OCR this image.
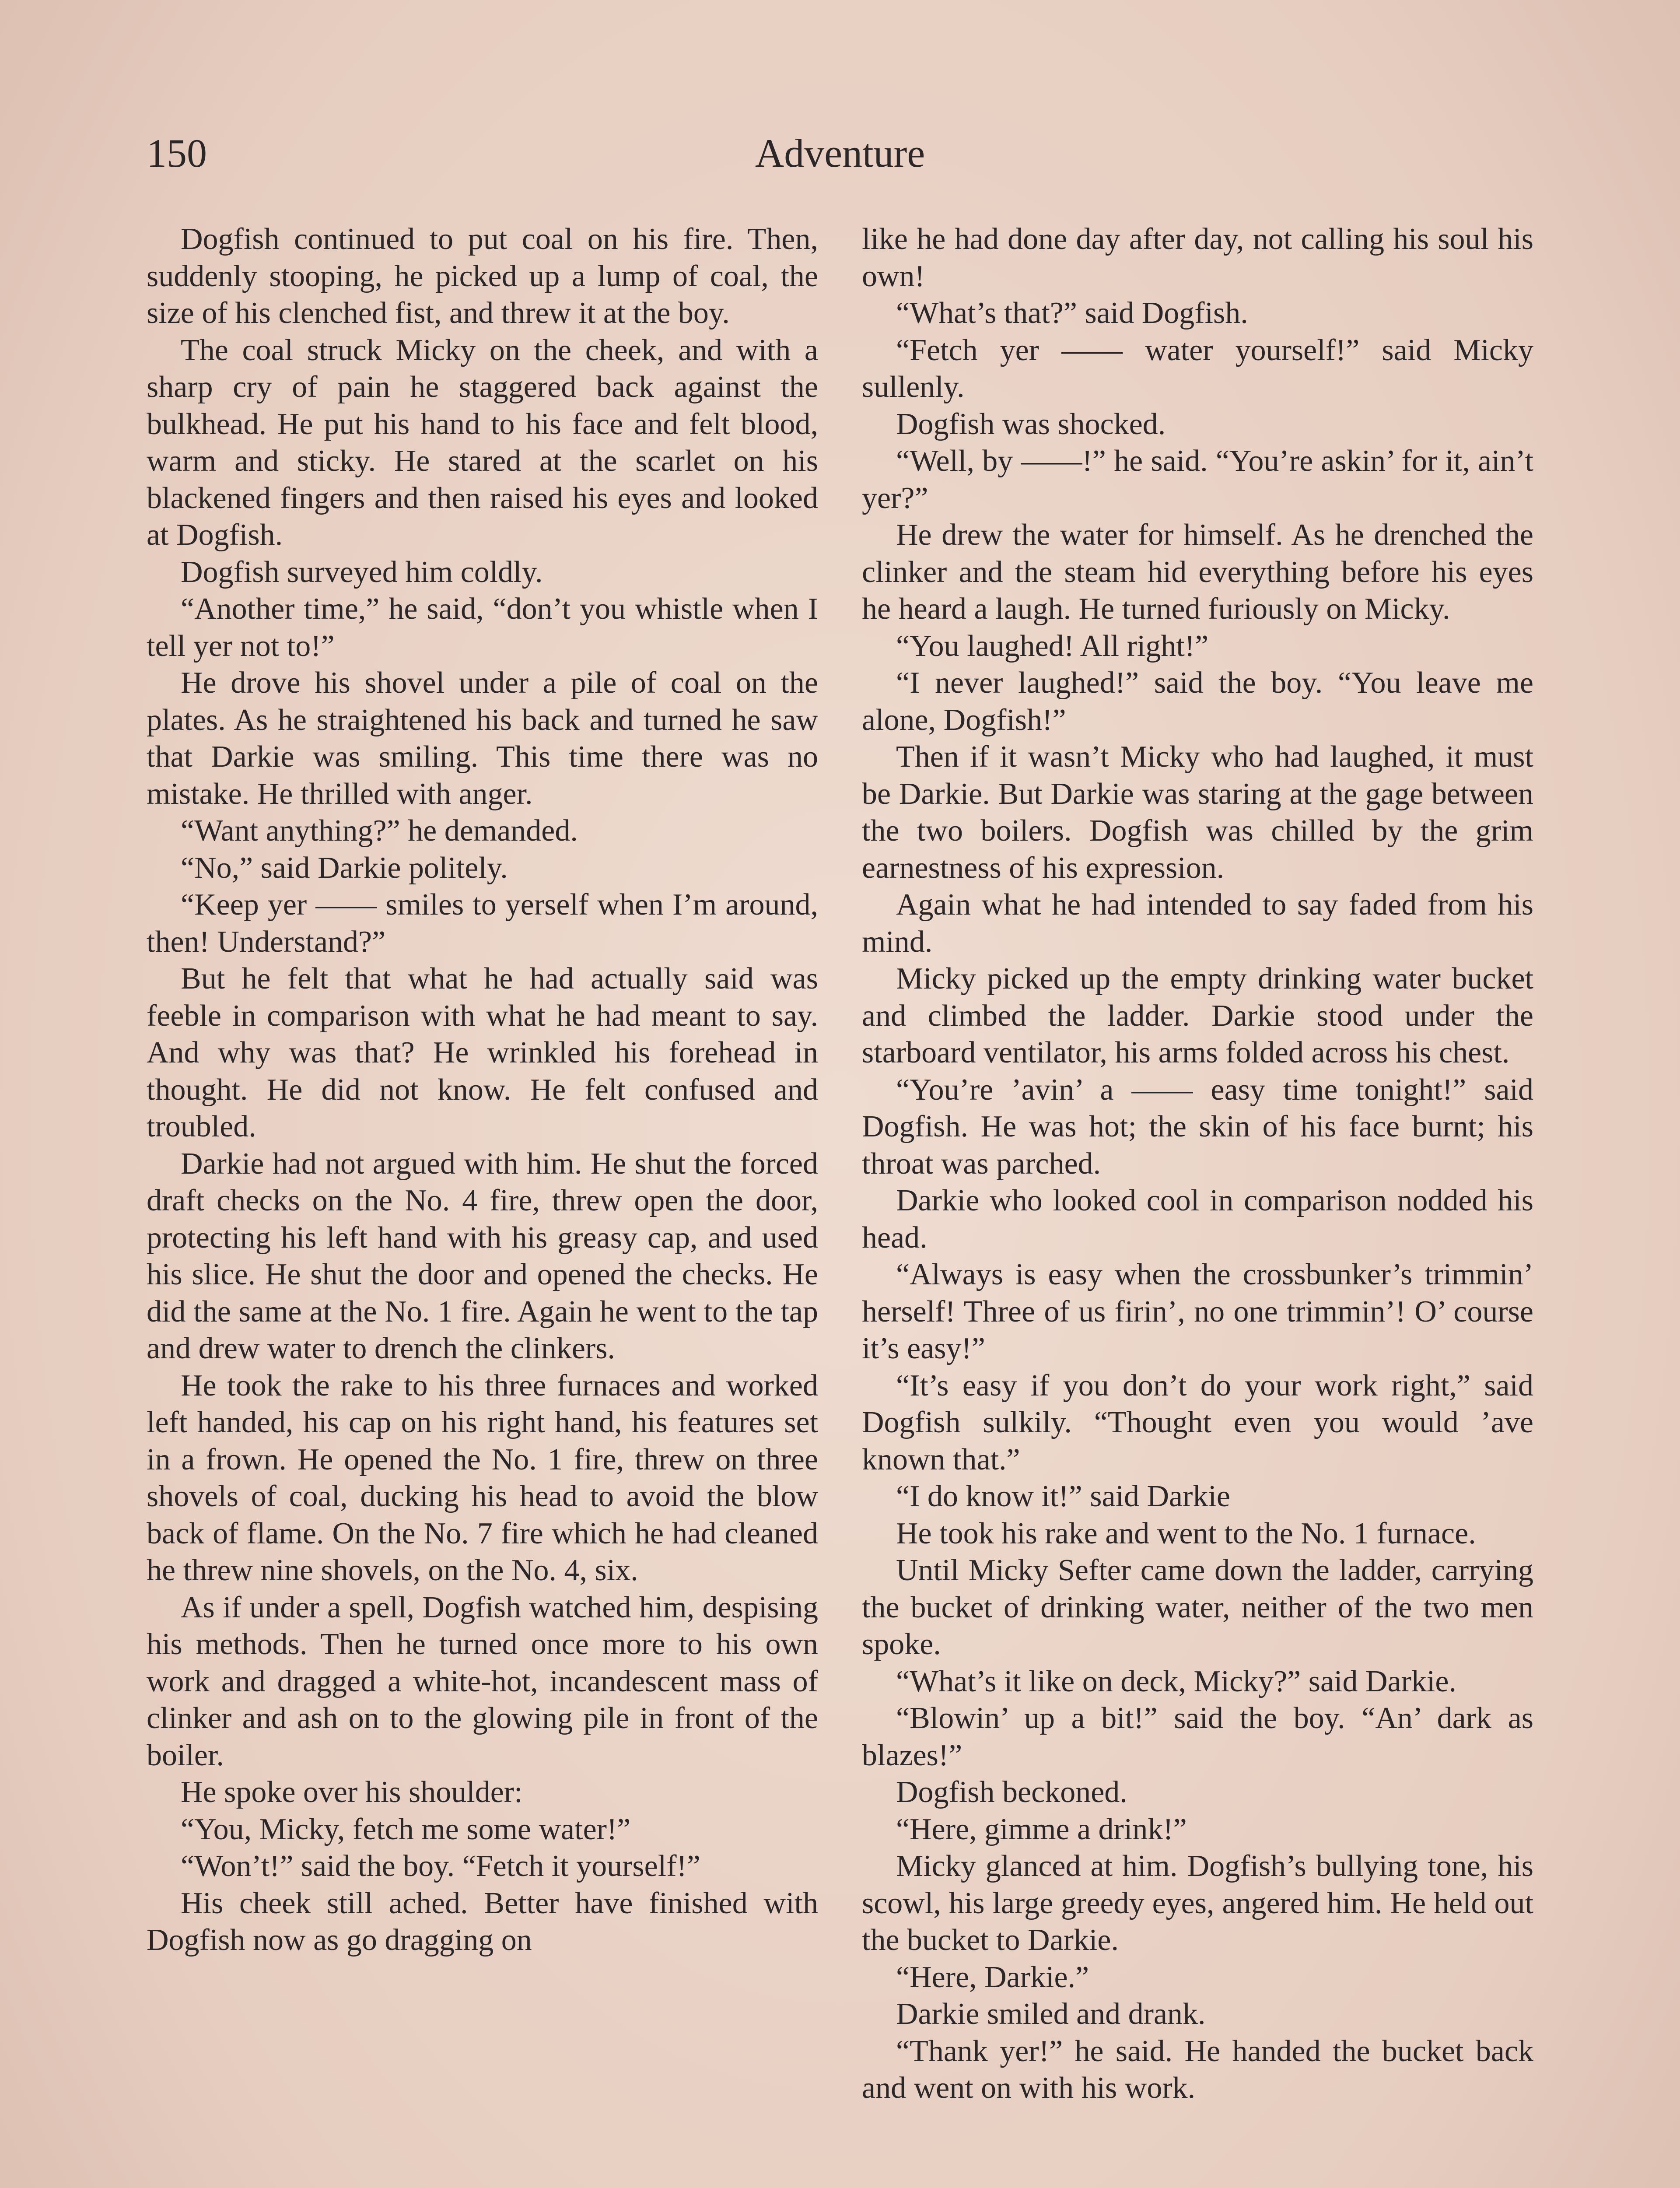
150	Adventure

Dogfish continued to put coal on his fire. Then, suddenly stooping, he picked up a lump of coal, the size of his clenched fist, and threw it at the boy.

The coal struck Micky on the cheek, and with a sharp cry of pain he staggered back against the bulkhead. He put his hand to his face and felt blood, warm and sticky. He stared at the scarlet on his blackened fingers and then raised his eyes and looked at Dogfish.

Dogfish surveyed him coldly.

“Another time,” he said, “don’t you whistle when I tell yer not to!”

He drove his shovel under a pile of coal on the plates. As he straightened his back and turned he saw that Darkie was smiling. This time there was no mistake. He thrilled with anger.

“Want anything?” he demanded.

“No,” said Darkie politely.

“Keep yer —— smiles to yerself when I’m around, then! Understand?”

But he felt that what he had actually said was feeble in comparison with what he had meant to say. And why was that? He wrinkled his forehead in thought. He did not know. He felt confused and troubled.

Darkie had not argued with him. He shut the forced draft checks on the No. 4 fire, threw open the door, protecting his left hand with his greasy cap, and used his slice. He shut the door and opened the checks. He did the same at the No. 1 fire. Again he went to the tap and drew water to drench the clinkers.

He took the rake to his three furnaces and worked left handed, his cap on his right hand, his features set in a frown. He opened the No. 1 fire, threw on three shovels of coal, ducking his head to avoid the blow back of flame. On the No. 7 fire which he had cleaned he threw nine shovels, on the No. 4, six.

As if under a spell, Dogfish watched him, despising his methods. Then he turned once more to his own work and dragged a white-hot, incandescent mass of clinker and ash on to the glowing pile in front of the boiler.

He spoke over his shoulder:

“You, Micky, fetch me some water!”

“Won’t!” said the boy. “Fetch it yourself!”

His cheek still ached. Better have finished with Dogfish now as go dragging on

like he had done day after day, not calling his soul his own!

“What’s that?” said Dogfish.

“Fetch yer —— water yourself!” said Micky sullenly.

Dogfish was shocked.

“Well, by ——!” he said. “You’re askin’ for it, ain’t yer?”

He drew the water for himself. As he drenched the clinker and the steam hid everything before his eyes he heard a laugh. He turned furiously on Micky.

“You laughed! All right!”

“I never laughed!” said the boy. “You leave me alone, Dogfish!”

Then if it wasn’t Micky who had laughed, it must be Darkie. But Darkie was staring at the gage between the two boilers. Dogfish was chilled by the grim earnestness of his expression.

Again what he had intended to say faded from his mind.

Micky picked up the empty drinking water bucket and climbed the ladder. Darkie stood under the starboard ventilator, his arms folded across his chest.

“You’re ’avin’ a —— easy time tonight!” said Dogfish. He was hot; the skin of his face burnt; his throat was parched.

Darkie who looked cool in comparison nodded his head.

“Always is easy when the crossbunker’s trimmin’ herself! Three of us firin’, no one trimmin’! O’ course it’s easy!”

“It’s easy if you don’t do your work right,” said Dogfish sulkily. “Thought even you would ’ave known that.”

“I do know it!” said Darkie

He took his rake and went to the No. 1 furnace.

Until Micky Sefter came down the ladder, carrying the bucket of drinking water, neither of the two men spoke.

“What’s it like on deck, Micky?” said Darkie.

“Blowin’ up a bit!” said the boy. “An’ dark as blazes!”

Dogfish beckoned.

“Here, gimme a drink!”

Micky glanced at him. Dogfish’s bullying tone, his scowl, his large greedy eyes, angered him. He held out the bucket to Darkie.

“Here, Darkie.”

Darkie smiled and drank.

“Thank yer!” he said. He handed the bucket back and went on with his work.
